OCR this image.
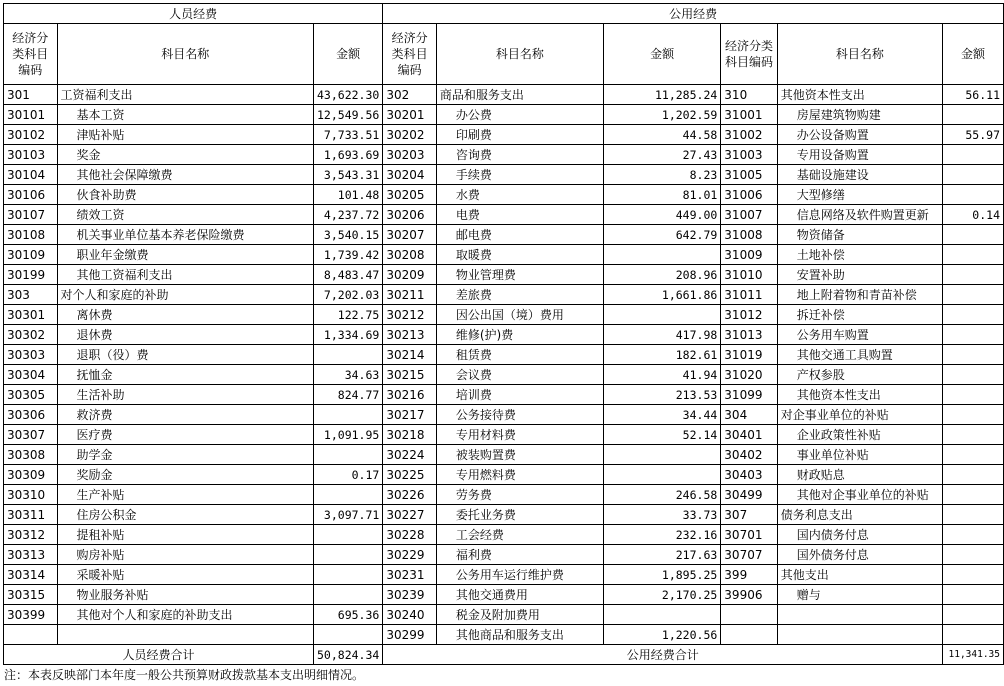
人员经费			公用经费					
经济分类科目编码	科目名称	金额	经济分类科目编码	科目名称	金额	经济分类科目编码	科目名称	金额
301	工资福利支出	43,622.30	302	商品和服务支出	11,285.24	310	其他资本性支出	56.11
30101	基本工资	12,549.56	30201	办公费	1,202.59	31001	房屋建筑物购建	
30102	津贴补贴	7,733.51	30202	印刷费	44.58	31002	办公设备购置	55.97
30103	奖金	1,693.69	30203	咨询费	27.43	31003	专用设备购置	
30104	其他社会保障缴费	3,543.31	30204	手续费	8.23	31005	基础设施建设	
30106	伙食补助费	101.48	30205	水费	81.01	31006	大型修缮	
30107	绩效工资	4,237.72	30206	电费	449.00	31007	信息网络及软件购置更新	0.14
30108	机关事业单位基本养老保险缴费	3,540.15	30207	邮电费	642.79	31008	物资储备	
30109	职业年金缴费	1,739.42	30208	取暖费		31009	土地补偿	
30199	其他工资福利支出	8,483.47	30209	物业管理费	208.96	31010	安置补助	
303	对个人和家庭的补助	7,202.03	30211	差旅费	1,661.86	31011	地上附着物和青苗补偿	
30301	离休费	122.75	30212	因公出国（境）费用		31012	拆迁补偿	
30302	退休费	1,334.69	30213	维修(护)费	417.98	31013	公务用车购置	
30303	退职（役）费		30214	租赁费	182.61	31019	其他交通工具购置	
30304	抚恤金	34.63	30215	会议费	41.94	31020	产权参股	
30305	生活补助	824.77	30216	培训费	213.53	31099	其他资本性支出	
30306	救济费		30217	公务接待费	34.44	304	对企事业单位的补贴	
30307	医疗费	1,091.95	30218	专用材料费	52.14	30401	企业政策性补贴	
30308	助学金		30224	被装购置费		30402	事业单位补贴	
30309	奖励金	0.17	30225	专用燃料费		30403	财政贴息	
30310	生产补贴		30226	劳务费	246.58	30499	其他对企事业单位的补贴	
30311	住房公积金	3,097.71	30227	委托业务费	33.73	307	债务利息支出	
30312	提租补贴		30228	工会经费	232.16	30701	国内债务付息	
30313	购房补贴		30229	福利费	217.63	30707	国外债务付息	
30314	采暖补贴		30231	公务用车运行维护费	1,895.25	399	其他支出	
30315	物业服务补贴		30239	其他交通费用	2,170.25	39906	赠与	
30399	其他对个人和家庭的补助支出	695.36	30240	税金及附加费用				
			30299	其他商品和服务支出	1,220.56			
人员经费合计		50,824.34	公用经费合计					11,341.35
注：本表反映部门本年度一般公共预算财政拨款基本支出明细情况。
